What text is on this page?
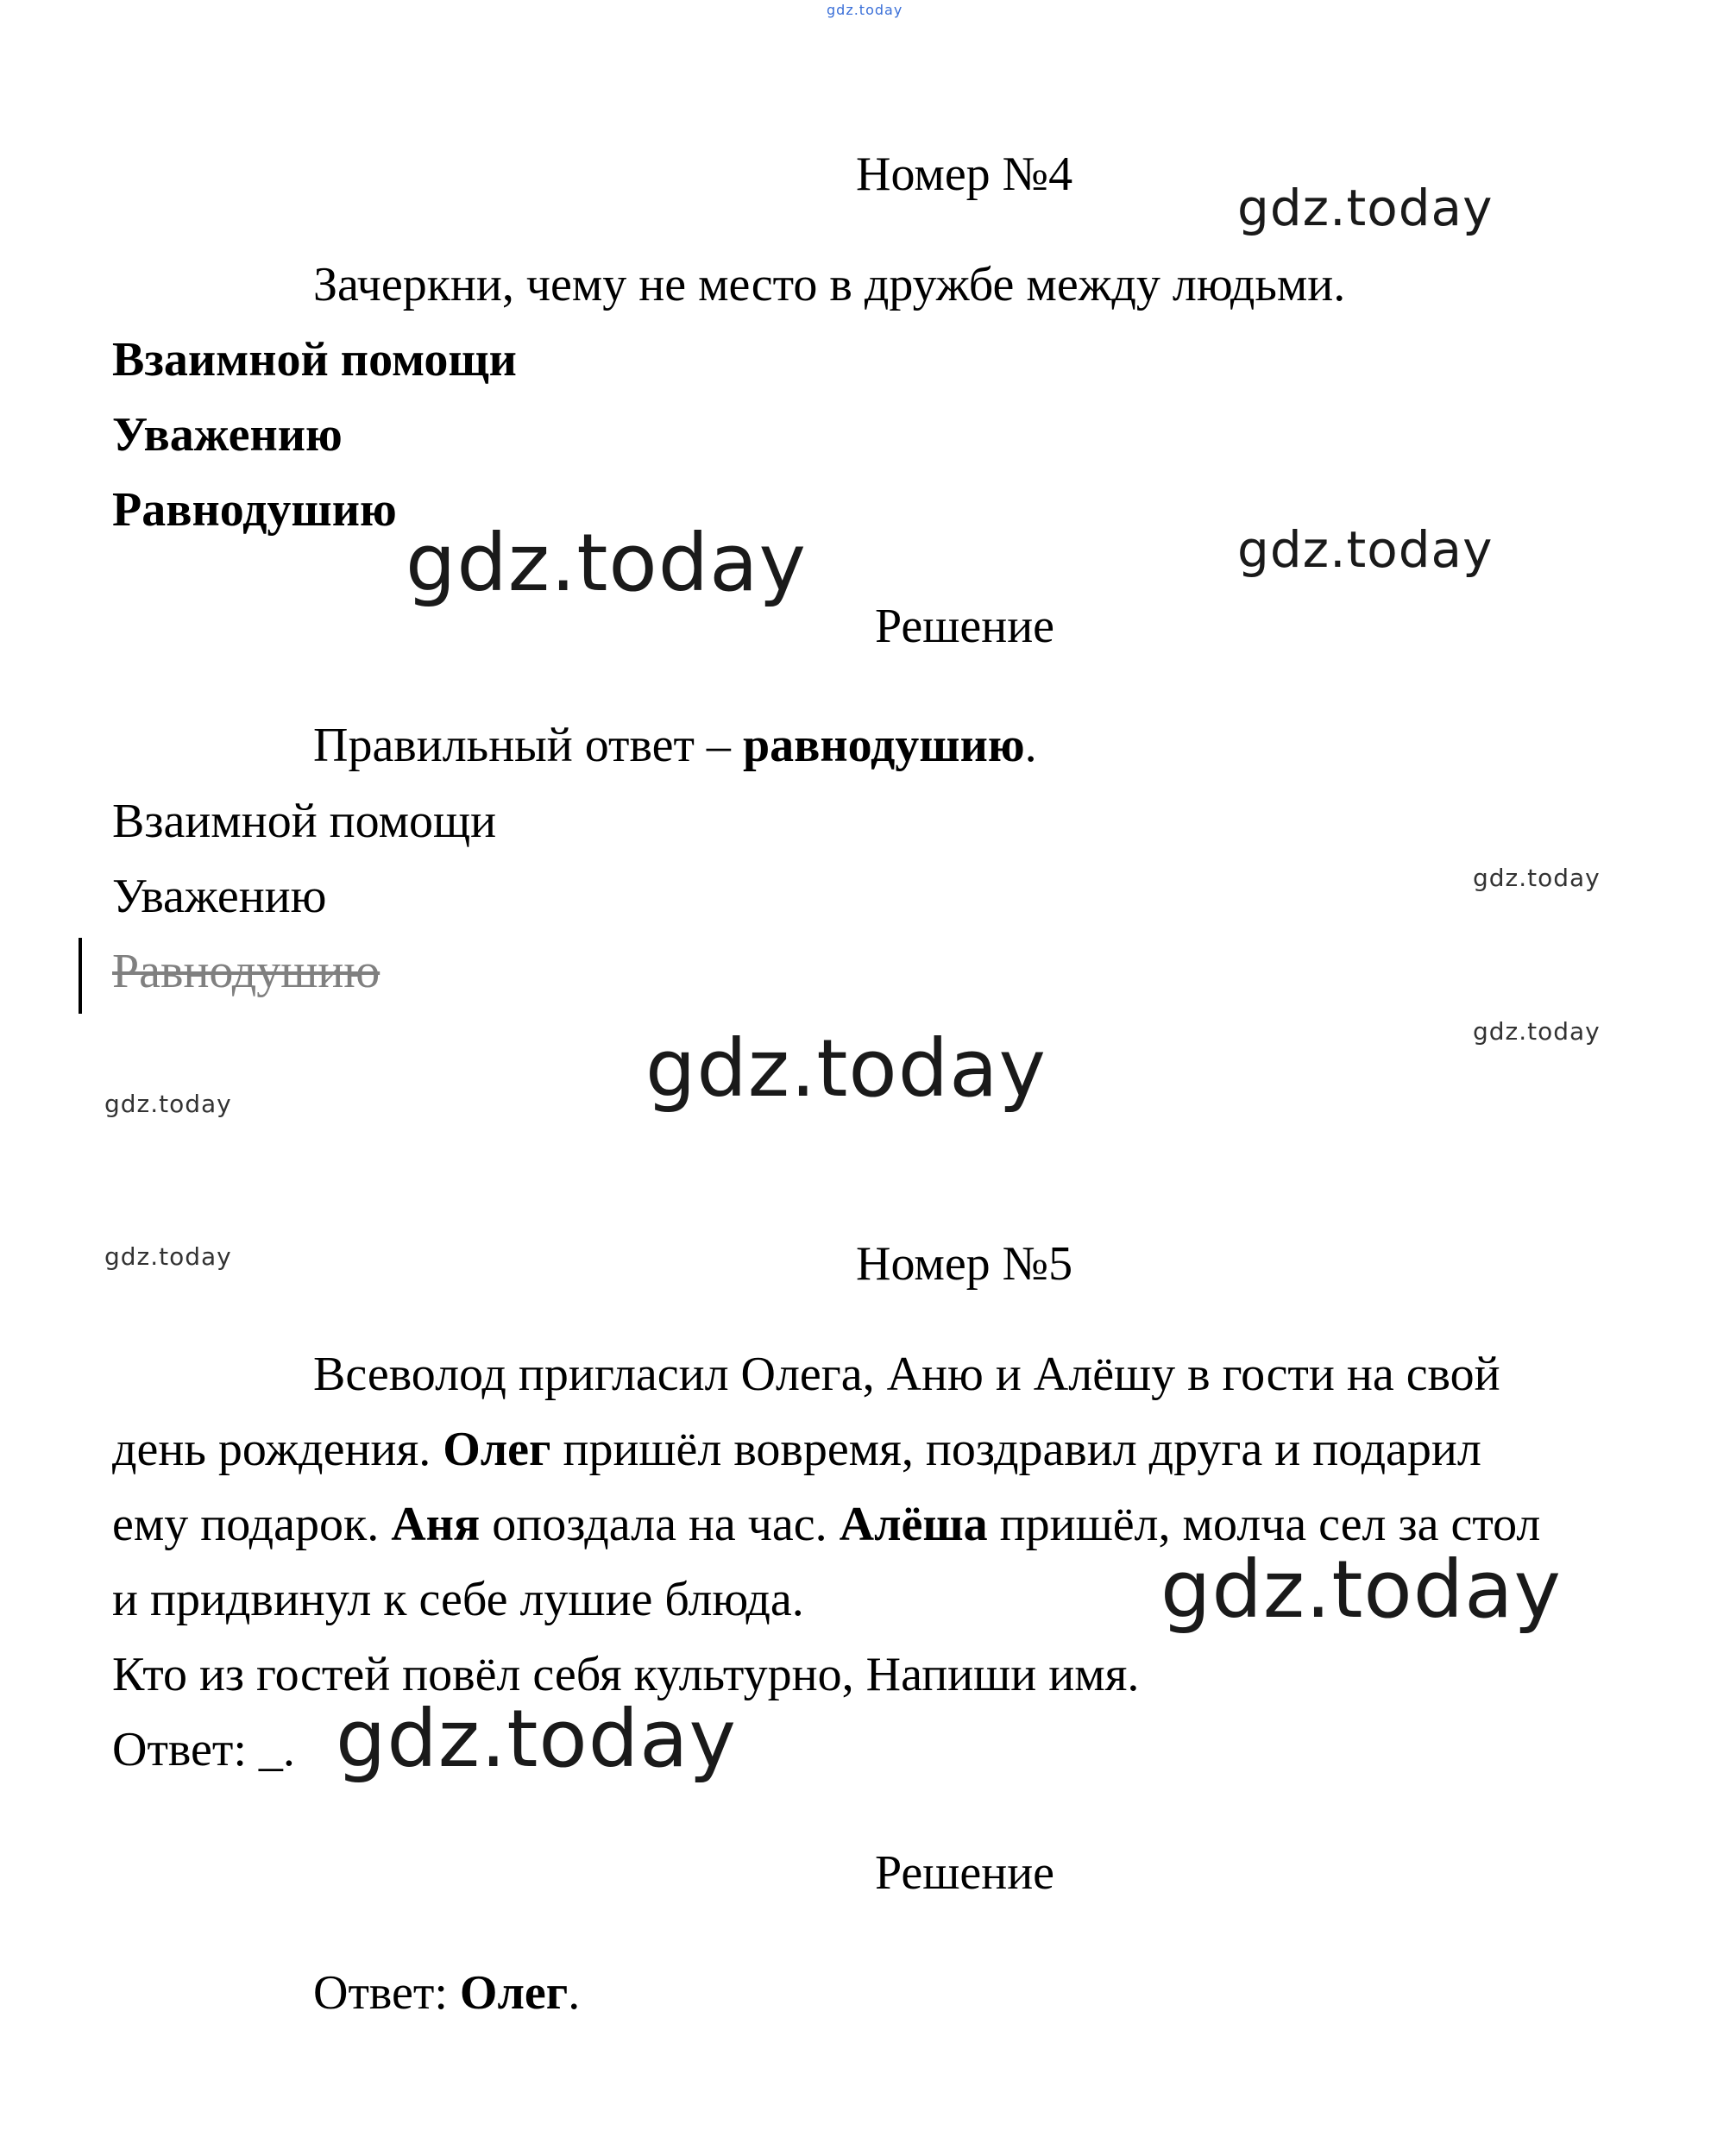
gdz.today
gdz.today
gdz.today	gdz.today
gdz.today
gdz.today	gdz.today
gdz.today
gdz.today
gdz.today
gdz.today
Номер №4
Зачеркни, чему не место в дружбе между людьми.
Взаимной помощи
Уважению
Равнодушию
Решение
Правильный ответ – равнодушию.
Взаимной помощи
Уважению
Равнодушию
Номер №5
Всеволод пригласил Олега, Аню и Алёшу в гости на свой
день рождения. Олег пришёл вовремя, поздравил друга и подарил
ему подарок. Аня опоздала на час. Алёша пришёл, молча сел за стол
и придвинул к себе лушие блюда.
Кто из гостей повёл себя культурно, Напиши имя.
Ответ: _.
Решение
Ответ: Олег.
